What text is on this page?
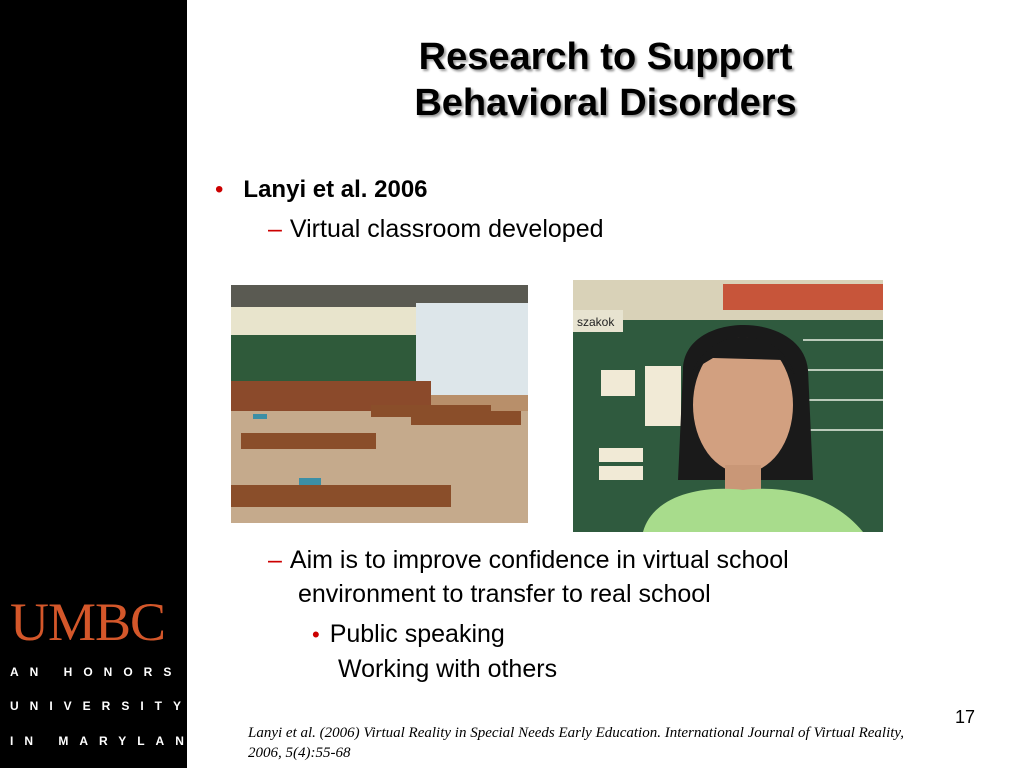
UMBC
AN HONORS
UNIVERSITY
IN MARYLAND
Research to Support
Behavioral Disorders
• Lanyi et al. 2006
– Virtual classroom developed
szakok
– Aim is to improve confidence in virtual school
environment to transfer to real school
• Public speaking
Working with others
17
Lanyi et al. (2006) Virtual Reality in Special Needs Early Education. International Journal of Virtual Reality, 2006, 5(4):55-68
